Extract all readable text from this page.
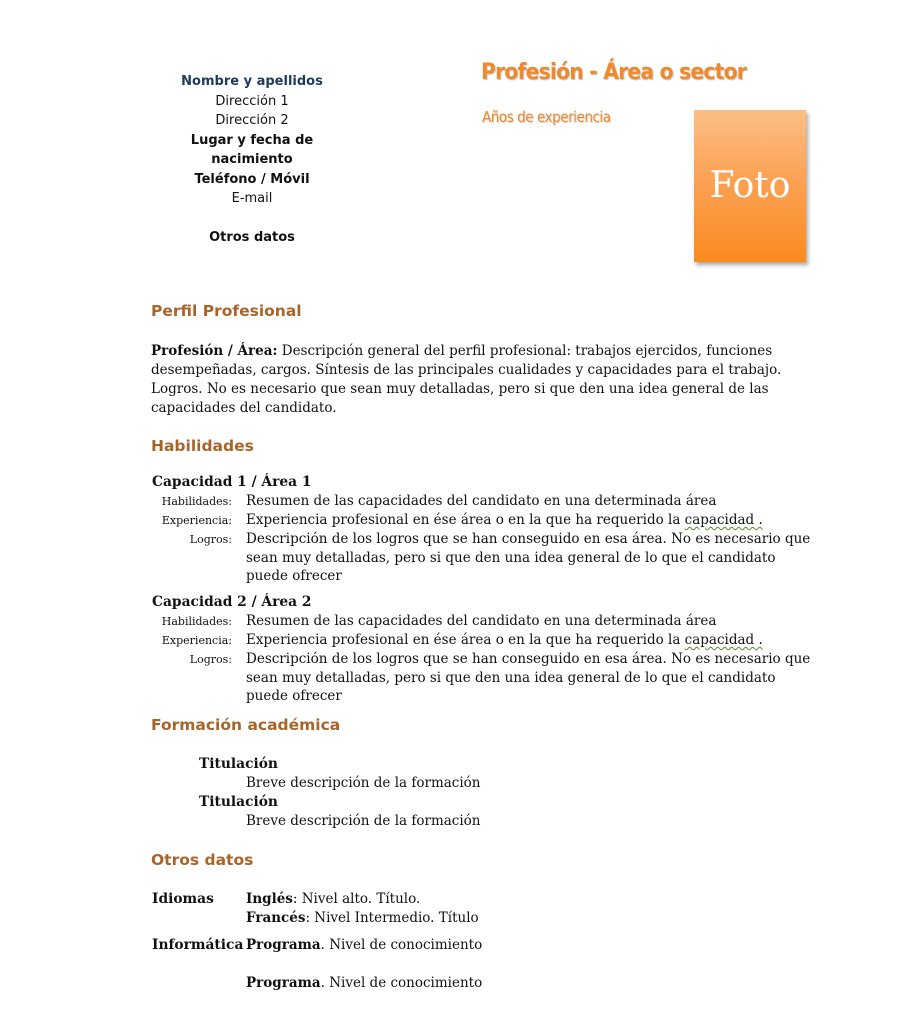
Nombre y apellidos
Dirección 1
Dirección 2
Lugar y fecha de nacimiento
Teléfono / Móvil
E-mail
Otros datos
Profesión - Área o sector
Años de experiencia
Foto
Perfil Profesional
Profesión / Área: Descripción general del perfil profesional: trabajos ejercidos, funciones desempeñadas, cargos. Síntesis de las principales cualidades y capacidades para el trabajo. Logros. No es necesario que sean muy detalladas, pero si que den una idea general de las capacidades del candidato.
Habilidades
Capacidad 1 / Área 1
Habilidades:	Resumen de las capacidades del candidato en una determinada área
Experiencia:	Experiencia profesional en ése área o en la que ha requerido la capacidad .
Logros:	Descripción de los logros que se han conseguido en esa área. No es necesario que sean muy detalladas, pero si que den una idea general de lo que el candidato puede ofrecer
Capacidad 2 / Área 2
Habilidades:	Resumen de las capacidades del candidato en una determinada área
Experiencia:	Experiencia profesional en ése área o en la que ha requerido la capacidad .
Logros:	Descripción de los logros que se han conseguido en esa área. No es necesario que sean muy detalladas, pero si que den una idea general de lo que el candidato puede ofrecer
Formación académica
Titulación
Breve descripción de la formación
Titulación
Breve descripción de la formación
Otros datos
Idiomas Inglés: Nivel alto. Título.
Francés: Nivel Intermedio. Título
Informática Programa. Nivel de conocimiento
Programa. Nivel de conocimiento
